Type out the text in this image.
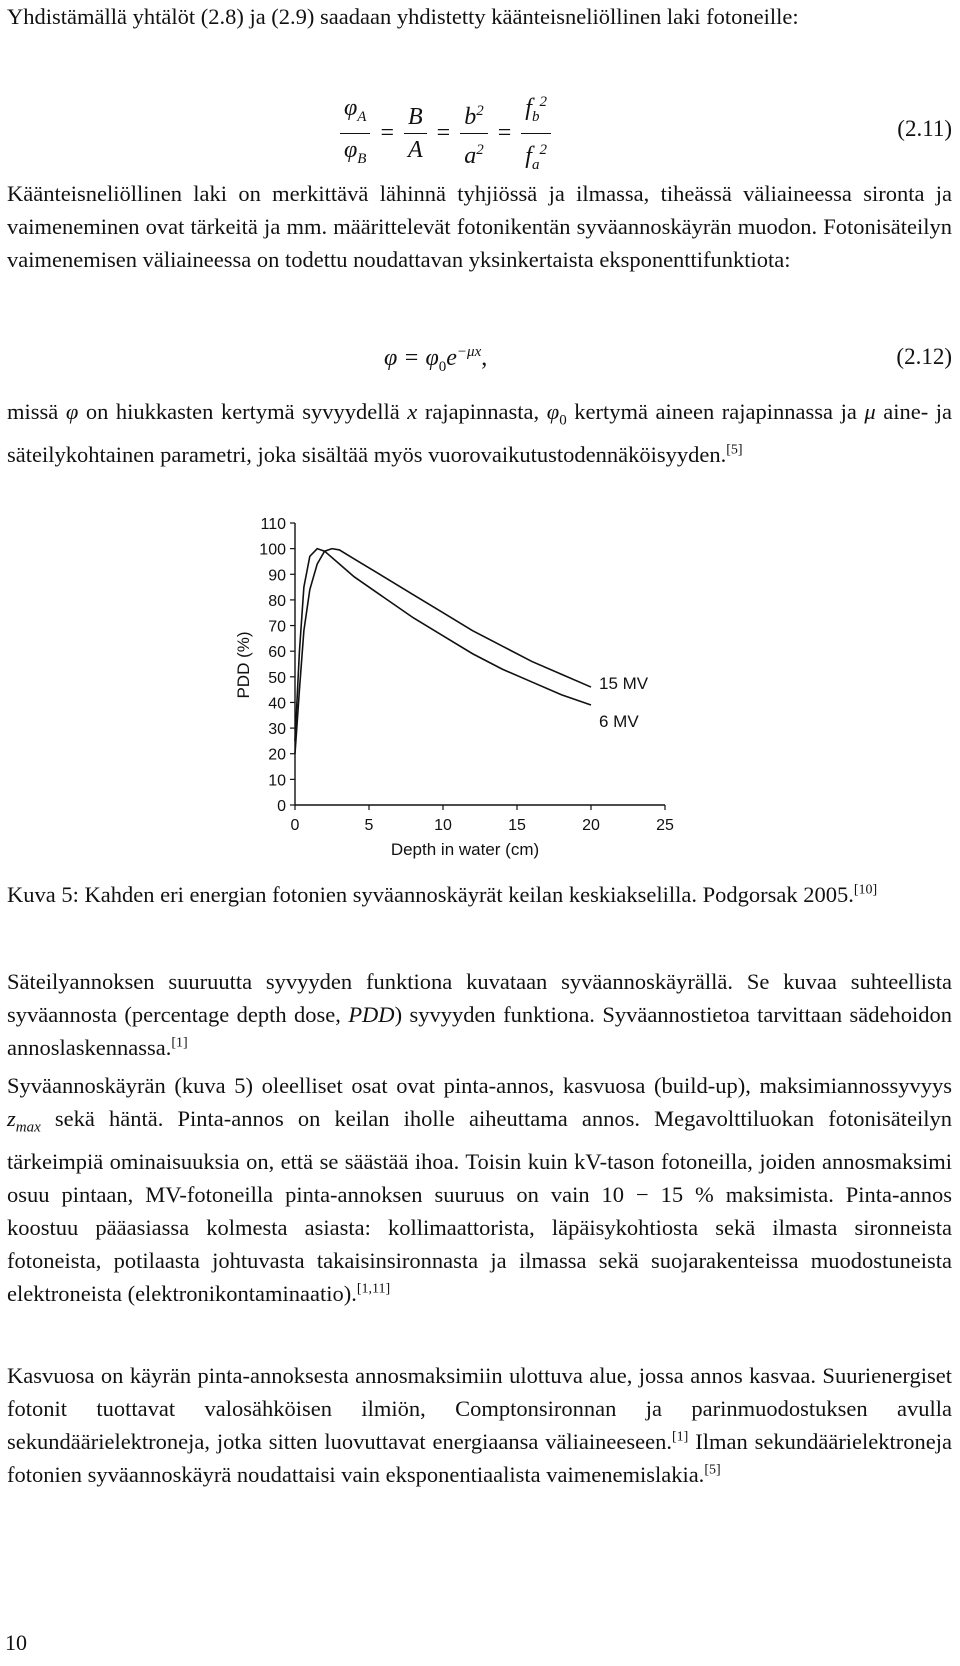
Yhdistämällä yhtälöt (2.8) ja (2.9) saadaan yhdistetty käänteisneliöllinen laki fotoneille:

$\frac{\varphi_A}{\varphi_B} = \frac{B}{A} = \frac{b^2}{a^2} = \frac{f_b^2}{f_a^2}$	(2.11)

Käänteisneliöllinen laki on merkittävä lähinnä tyhjiössä ja ilmassa, tiheässä väliaineessa sironta ja vaimeneminen ovat tärkeitä ja mm. määrittelevät fotonikentän syväannoskäyrän muodon. Fotonisäteilyn vaimenemisen väliaineessa on todettu noudattavan yksinkertaista eksponenttifunktiota:

$\varphi = \varphi_0e^{-\mu x}$,	(2.12)

missä φ on hiukkasten kertymä syvyydellä x rajapinnasta, $\varphi_0$ kertymä aineen rajapinnassa ja μ aine- ja säteilykohtainen parametri, joka sisältää myös vuorovaikutustodennäköisyyden.[5]

PDD (%)
Depth in water (cm)
0
10
20
30
40
50
60
70
80
90
100
110
0	5	10	15	20	25
15 MV
6 MV

Kuva 5: Kahden eri energian fotonien syväannoskäyrät keilan keskiakselilla. Podgorsak 2005.[10]

Säteilyannoksen suuruutta syvyyden funktiona kuvataan syväannoskäyrällä. Se kuvaa suhteellista syväannosta (percentage depth dose, PDD) syvyyden funktiona. Syväannostietoa tarvittaan sädehoidon annoslaskennassa.[1]

Syväannoskäyrän (kuva 5) oleelliset osat ovat pinta-annos, kasvuosa (build-up), maksimiannossyvyys $z_{max}$ sekä häntä. Pinta-annos on keilan iholle aiheuttama annos. Megavolttiluokan fotonisäteilyn tärkeimpiä ominaisuuksia on, että se säästää ihoa. Toisin kuin kV-tason fotoneilla, joiden annosmaksimi osuu pintaan, MV-fotoneilla pinta-annoksen suuruus on vain 10 − 15 % maksimista. Pinta-annos koostuu pääasiassa kolmesta asiasta: kollimaattorista, läpäisykohtiosta sekä ilmasta sironneista fotoneista, potilaasta johtuvasta takaisinsironnasta ja ilmassa sekä suojarakenteissa muodostuneista elektroneista (elektronikontaminaatio).[1,11]

Kasvuosa on käyrän pinta-annoksesta annosmaksimiin ulottuva alue, jossa annos kasvaa. Suurienergiset fotonit tuottavat valosähköisen ilmiön, Comptonsironnan ja parinmuodostuksen avulla sekundäärielektroneja, jotka sitten luovuttavat energiaansa väliaineeseen.[1] Ilman sekundäärielektroneja fotonien syväannoskäyrä noudattaisi vain eksponentiaalista vaimenemislakia.[5]

10
